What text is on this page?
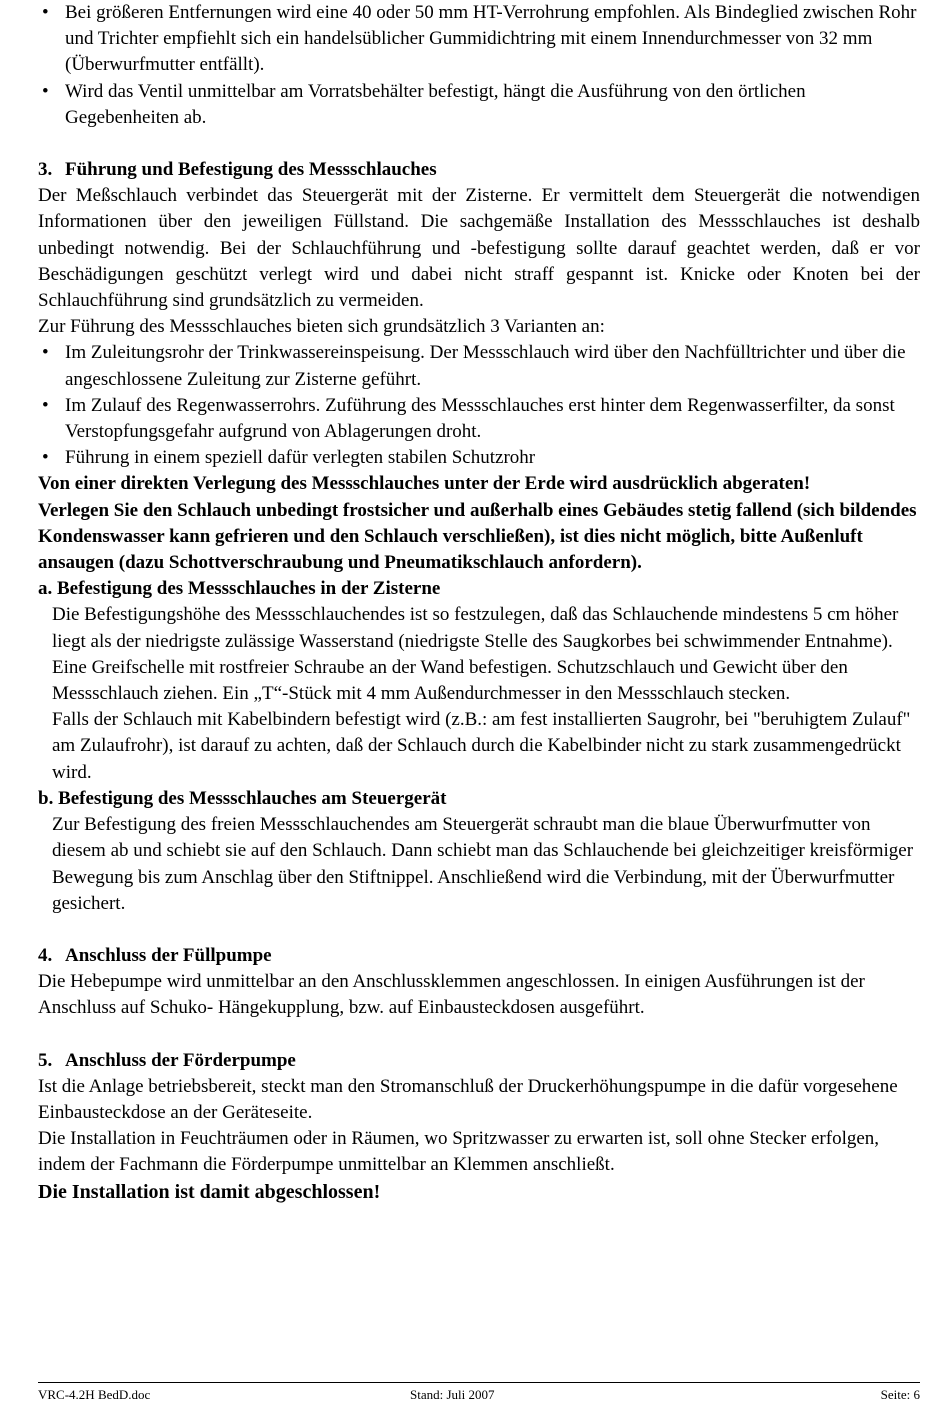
• Bei größeren Entfernungen wird eine 40 oder 50 mm HT-Verrohrung empfohlen. Als Bindeglied zwischen Rohr und Trichter empfiehlt sich ein handelsüblicher Gummidichtring mit einem Innendurchmesser von 32 mm (Überwurfmutter entfällt).
• Wird das Ventil unmittelbar am Vorratsbehälter befestigt, hängt die Ausführung von den örtlichen Gegebenheiten ab.
3. Führung und Befestigung des Messschlauches

Der Meßschlauch verbindet das Steuergerät mit der Zisterne. Er vermittelt dem Steuergerät die notwendigen Informationen über den jeweiligen Füllstand. Die sachgemäße Installation des Messschlauches ist deshalb unbedingt notwendig. Bei der Schlauchführung und -befestigung sollte darauf geachtet werden, daß er vor Beschädigungen geschützt verlegt wird und dabei nicht straff gespannt ist. Knicke oder Knoten bei der Schlauchführung sind grundsätzlich zu vermeiden.

Zur Führung des Messschlauches bieten sich grundsätzlich 3 Varianten an:

• Im Zuleitungsrohr der Trinkwassereinspeisung. Der Messschlauch wird über den Nachfülltrichter und über die angeschlossene Zuleitung zur Zisterne geführt.
• Im Zulauf des Regenwasserrohrs. Zuführung des Messschlauches erst hinter dem Regenwasserfilter, da sonst Verstopfungsgefahr aufgrund von Ablagerungen droht.
• Führung in einem speziell dafür verlegten stabilen Schutzrohr

Von einer direkten Verlegung des Messschlauches unter der Erde wird ausdrücklich abgeraten!

Verlegen Sie den Schlauch unbedingt frostsicher und außerhalb eines Gebäudes stetig fallend (sich bildendes Kondenswasser kann gefrieren und den Schlauch verschließen), ist dies nicht möglich, bitte Außenluft ansaugen (dazu Schottverschraubung und Pneumatikschlauch anfordern).

a. Befestigung des Messschlauches in der Zisterne

Die Befestigungshöhe des Messschlauchendes ist so festzulegen, daß das Schlauchende mindestens 5 cm höher liegt als der niedrigste zulässige Wasserstand (niedrigste Stelle des Saugkorbes bei schwimmender Entnahme).

Eine Greifschelle mit rostfreier Schraube an der Wand befestigen. Schutzschlauch und Gewicht über den Messschlauch ziehen. Ein „T“-Stück mit 4 mm Außendurchmesser in den Messschlauch stecken.

Falls der Schlauch mit Kabelbindern befestigt wird (z.B.: am fest installierten Saugrohr, bei "beruhigtem Zulauf" am Zulaufrohr), ist darauf zu achten, daß der Schlauch durch die Kabelbinder nicht zu stark zusammengedrückt wird.

b. Befestigung des Messschlauches am Steuergerät

Zur Befestigung des freien Messschlauchendes am Steuergerät schraubt man die blaue Überwurfmutter von diesem ab und schiebt sie auf den Schlauch. Dann schiebt man das Schlauchende bei gleichzeitiger kreisförmiger Bewegung bis zum Anschlag über den Stiftnippel. Anschließend wird die Verbindung, mit der Überwurfmutter gesichert.

4. Anschluss der Füllpumpe

Die Hebepumpe wird unmittelbar an den Anschlussklemmen angeschlossen. In einigen Ausführungen ist der Anschluss auf Schuko- Hängekupplung, bzw. auf Einbausteckdosen ausgeführt.

5. Anschluss der Förderpumpe

Ist die Anlage betriebsbereit, steckt man den Stromanschluß der Druckerhöhungspumpe in die dafür vorgesehene Einbausteckdose an der Geräteseite.

Die Installation in Feuchträumen oder in Räumen, wo Spritzwasser zu erwarten ist, soll ohne Stecker erfolgen, indem der Fachmann die Förderpumpe unmittelbar an Klemmen anschließt.

Die Installation ist damit abgeschlossen!

VRC-4.2H BedD.doc	Stand: Juli 2007	Seite: 6
